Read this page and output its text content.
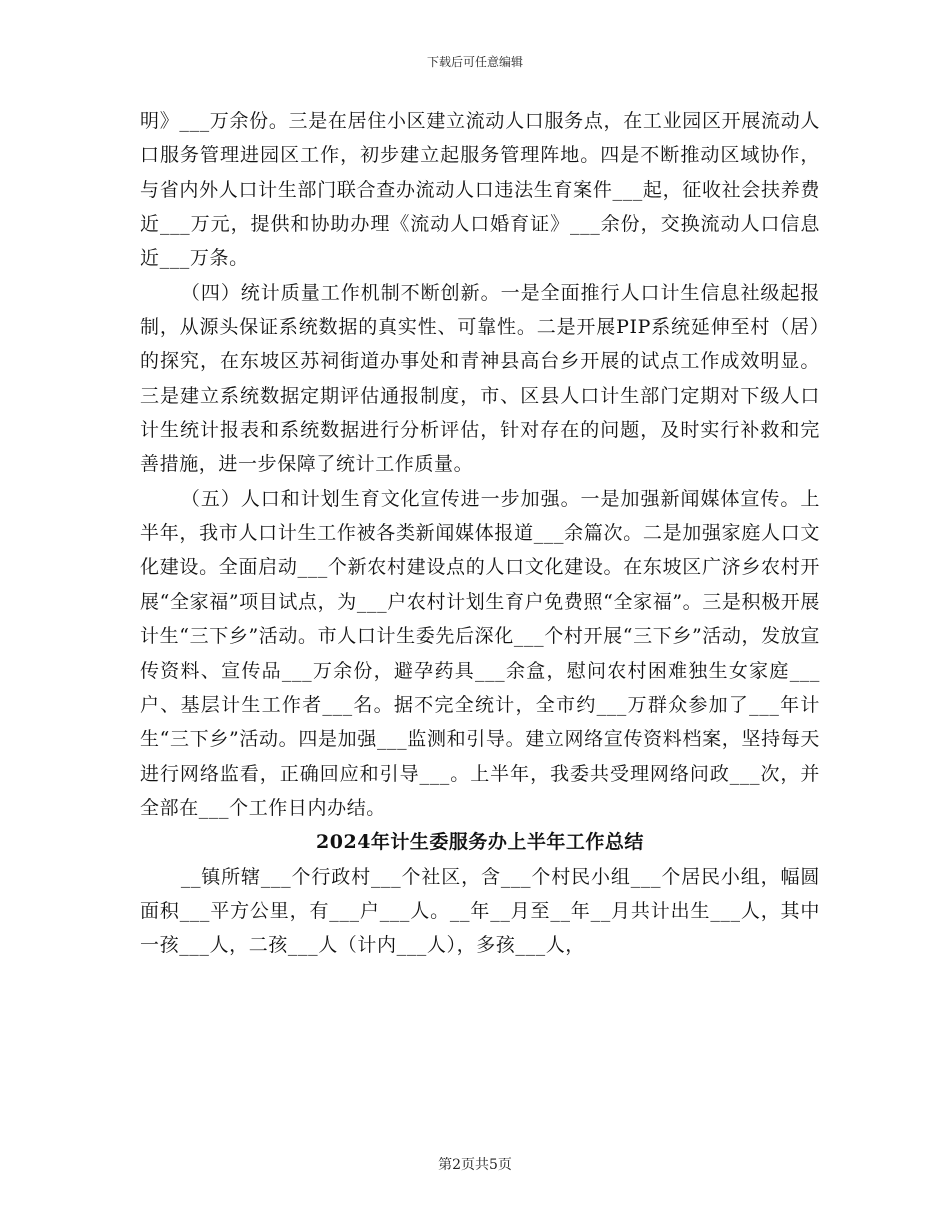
下载后可任意编辑

明》___万余份。三是在居住小区建立流动人口服务点，在工业园区开展流动人口服务管理进园区工作，初步建立起服务管理阵地。四是不断推动区域协作，与省内外人口计生部门联合查办流动人口违法生育案件___起，征收社会扶养费近___万元，提供和协助办理《流动人口婚育证》___余份，交换流动人口信息近___万条。

（四）统计质量工作机制不断创新。一是全面推行人口计生信息社级起报制，从源头保证系统数据的真实性、可靠性。二是开展PIP系统延伸至村（居）的探究，在东坡区苏祠街道办事处和青神县高台乡开展的试点工作成效明显。三是建立系统数据定期评估通报制度，市、区县人口计生部门定期对下级人口计生统计报表和系统数据进行分析评估，针对存在的问题，及时实行补救和完善措施，进一步保障了统计工作质量。

（五）人口和计划生育文化宣传进一步加强。一是加强新闻媒体宣传。上半年，我市人口计生工作被各类新闻媒体报道___余篇次。二是加强家庭人口文化建设。全面启动___个新农村建设点的人口文化建设。在东坡区广济乡农村开展“全家福”项目试点，为___户农村计划生育户免费照“全家福”。三是积极开展计生“三下乡”活动。市人口计生委先后深化___个村开展“三下乡”活动，发放宣传资料、宣传品___万余份，避孕药具___余盒，慰问农村困难独生女家庭___户、基层计生工作者___名。据不完全统计，全市约___万群众参加了___年计生“三下乡”活动。四是加强___监测和引导。建立网络宣传资料档案，坚持每天进行网络监看，正确回应和引导___。上半年，我委共受理网络问政___次，并全部在___个工作日内办结。

2024年计生委服务办上半年工作总结

__镇所辖___个行政村___个社区，含___个村民小组___个居民小组，幅圆面积___平方公里，有___户___人。__年__月至__年__月共计出生___人，其中一孩___人，二孩___人（计内___人），多孩___人，

第2页共5页
